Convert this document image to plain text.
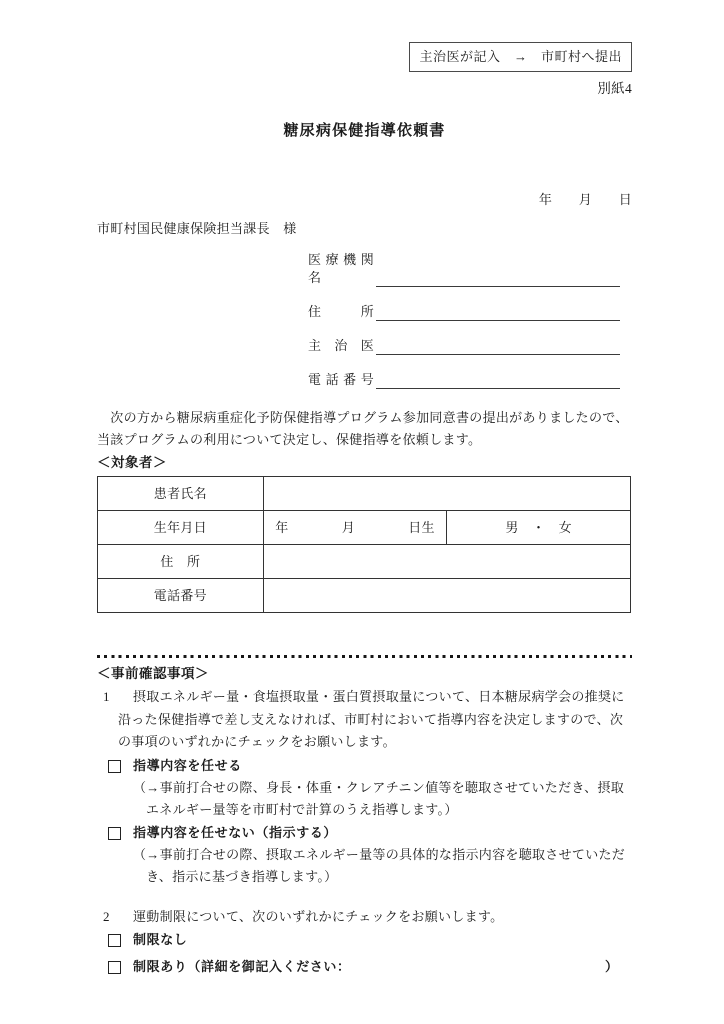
主治医が記入　→　市町村へ提出
別紙4
糖尿病保健指導依頼書
年　　月　　日
市町村国民健康保険担当課長　様
医療機関名
住所
主治医
電話番号

　次の方から糖尿病重症化予防保健指導プログラム参加同意書の提出がありましたので、
当該プログラムの利用について決定し、保健指導を依頼します。

＜対象者＞
患者氏名		
生年月日	年　　　　月　　　　日生	男　・　女
住　所		
電話番号		
＜事前確認事項＞
1	摂取エネルギー量・食塩摂取量・蛋白質摂取量について、日本糖尿病学会の推奨に沿った保健指導で差し支えなければ、市町村において指導内容を決定しますので、次の事項のいずれかにチェックをお願いします。
指導内容を任せる
（→事前打合せの際、身長・体重・クレアチニン値等を聴取させていただき、摂取エネルギー量等を市町村で計算のうえ指導します。）
指導内容を任せない（指示する）
（→事前打合せの際、摂取エネルギー量等の具体的な指示内容を聴取させていただき、指示に基づき指導します。）
2	運動制限について、次のいずれかにチェックをお願いします。
制限なし
制限あり（詳細を御記入ください：	）
